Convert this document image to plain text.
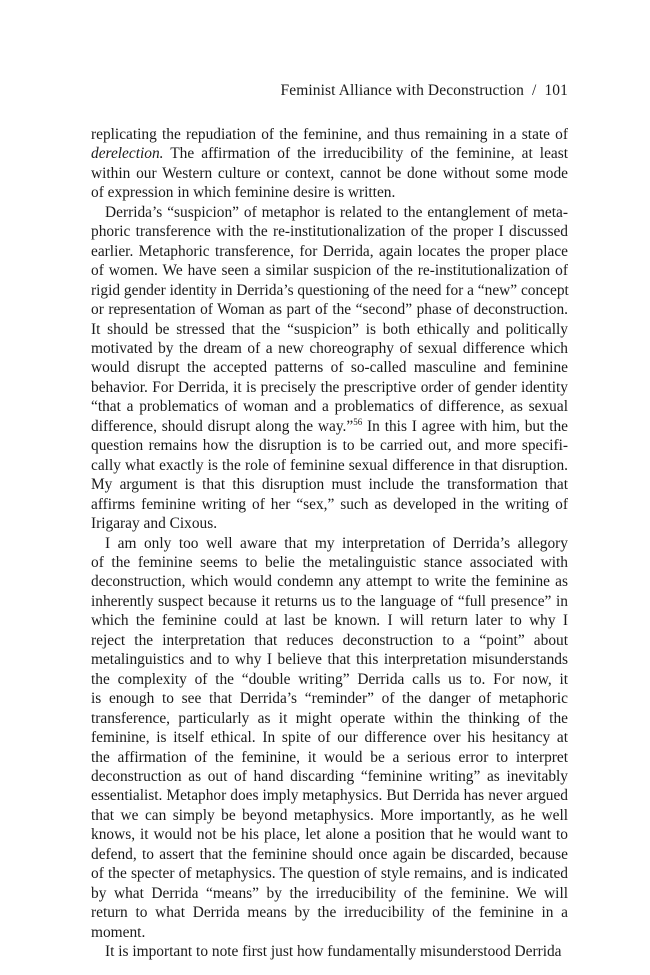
Feminist Alliance with Deconstruction / 101
replicating the repudiation of the feminine, and thus remaining in a state of
derelection. The affirmation of the irreducibility of the feminine, at least
within our Western culture or context, cannot be done without some mode
of expression in which feminine desire is written.
Derrida’s “suspicion” of metaphor is related to the entanglement of meta-
phoric transference with the re-institutionalization of the proper I discussed
earlier. Metaphoric transference, for Derrida, again locates the proper place
of women. We have seen a similar suspicion of the re-institutionalization of
rigid gender identity in Derrida’s questioning of the need for a “new” concept
or representation of Woman as part of the “second” phase of deconstruction.
It should be stressed that the “suspicion” is both ethically and politically
motivated by the dream of a new choreography of sexual difference which
would disrupt the accepted patterns of so-called masculine and feminine
behavior. For Derrida, it is precisely the prescriptive order of gender identity
“that a problematics of woman and a problematics of difference, as sexual
difference, should disrupt along the way.”$^{56}$ In this I agree with him, but the
question remains how the disruption is to be carried out, and more specifi-
cally what exactly is the role of feminine sexual difference in that disruption.
My argument is that this disruption must include the transformation that
affirms feminine writing of her “sex,” such as developed in the writing of
Irigaray and Cixous.
I am only too well aware that my interpretation of Derrida’s allegory
of the feminine seems to belie the metalinguistic stance associated with
deconstruction, which would condemn any attempt to write the feminine as
inherently suspect because it returns us to the language of “full presence” in
which the feminine could at last be known. I will return later to why I
reject the interpretation that reduces deconstruction to a “point” about
metalinguistics and to why I believe that this interpretation misunderstands
the complexity of the “double writing” Derrida calls us to. For now, it
is enough to see that Derrida’s “reminder” of the danger of metaphoric
transference, particularly as it might operate within the thinking of the
feminine, is itself ethical. In spite of our difference over his hesitancy at
the affirmation of the feminine, it would be a serious error to interpret
deconstruction as out of hand discarding “feminine writing” as inevitably
essentialist. Metaphor does imply metaphysics. But Derrida has never argued
that we can simply be beyond metaphysics. More importantly, as he well
knows, it would not be his place, let alone a position that he would want to
defend, to assert that the feminine should once again be discarded, because
of the specter of metaphysics. The question of style remains, and is indicated
by what Derrida “means” by the irreducibility of the feminine. We will
return to what Derrida means by the irreducibility of the feminine in a
moment.
It is important to note first just how fundamentally misunderstood Derrida
